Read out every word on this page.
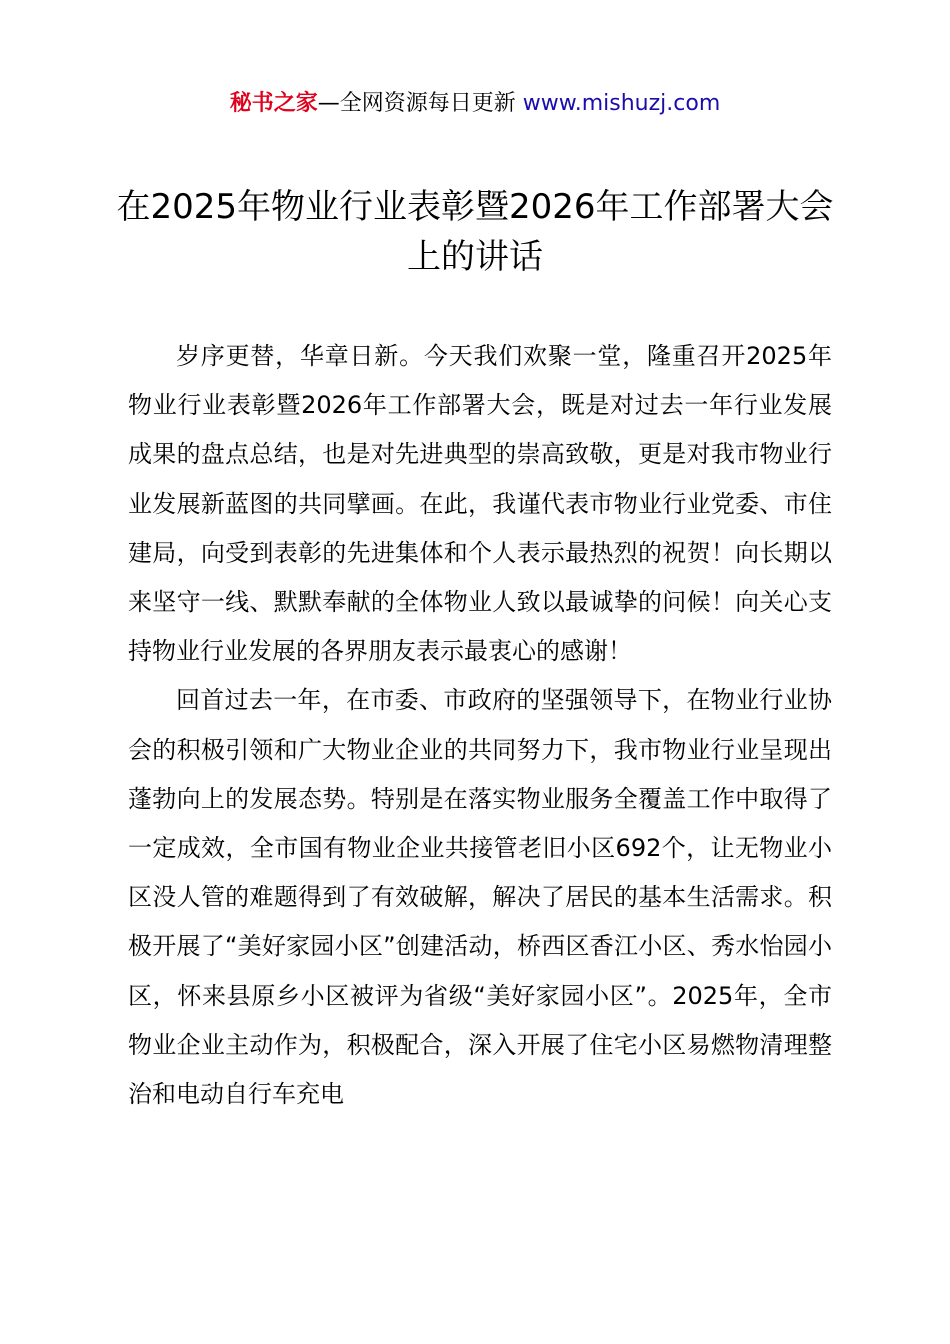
秘书之家—全网资源每日更新 www.mishuzj.com
在2025年物业行业表彰暨2026年工作部署大会上的讲话

岁序更替，华章日新。今天我们欢聚一堂，隆重召开2025年物业行业表彰暨2026年工作部署大会，既是对过去一年行业发展成果的盘点总结，也是对先进典型的崇高致敬，更是对我市物业行业发展新蓝图的共同擘画。在此，我谨代表市物业行业党委、市住建局，向受到表彰的先进集体和个人表示最热烈的祝贺！向长期以来坚守一线、默默奉献的全体物业人致以最诚挚的问候！向关心支持物业行业发展的各界朋友表示最衷心的感谢！

回首过去一年，在市委、市政府的坚强领导下，在物业行业协会的积极引领和广大物业企业的共同努力下，我市物业行业呈现出蓬勃向上的发展态势。特别是在落实物业服务全覆盖工作中取得了一定成效，全市国有物业企业共接管老旧小区692个，让无物业小区没人管的难题得到了有效破解，解决了居民的基本生活需求。积极开展了“美好家园小区”创建活动，桥西区香江小区、秀水怡园小区，怀来县原乡小区被评为省级“美好家园小区”。2025年，全市物业企业主动作为，积极配合，深入开展了住宅小区易燃物清理整治和电动自行车充电
